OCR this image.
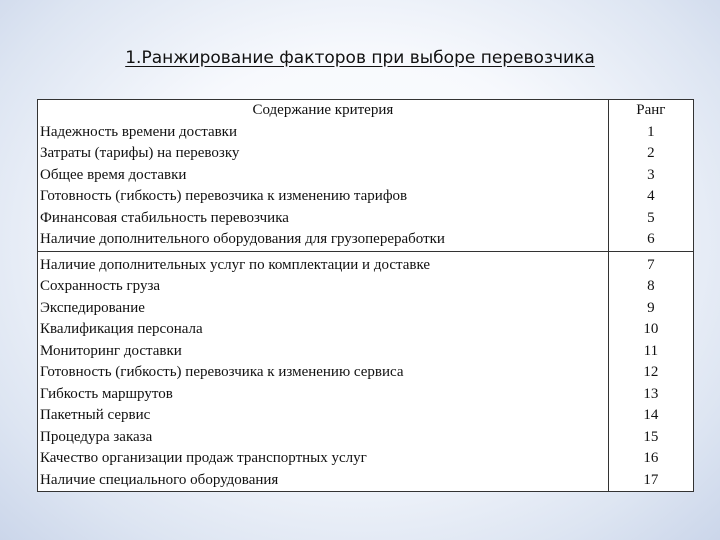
1.Ранжирование факторов при выборе перевозчика
Содержание критерия	Ранг
Надежность времени доставки	1
Затраты (тарифы) на перевозку	2
Общее время доставки	3
Готовность (гибкость) перевозчика к изменению тарифов	4
Финансовая стабильность перевозчика	5
Наличие дополнительного оборудования для грузопереработки	6
Наличие дополнительных услуг по комплектации и доставке	7
Сохранность груза	8
Экспедирование	9
Квалификация персонала	10
Мониторинг доставки	11
Готовность (гибкость) перевозчика к изменению сервиса	12
Гибкость маршрутов	13
Пакетный сервис	14
Процедура заказа	15
Качество организации продаж транспортных услуг	16
Наличие специального оборудования	17
